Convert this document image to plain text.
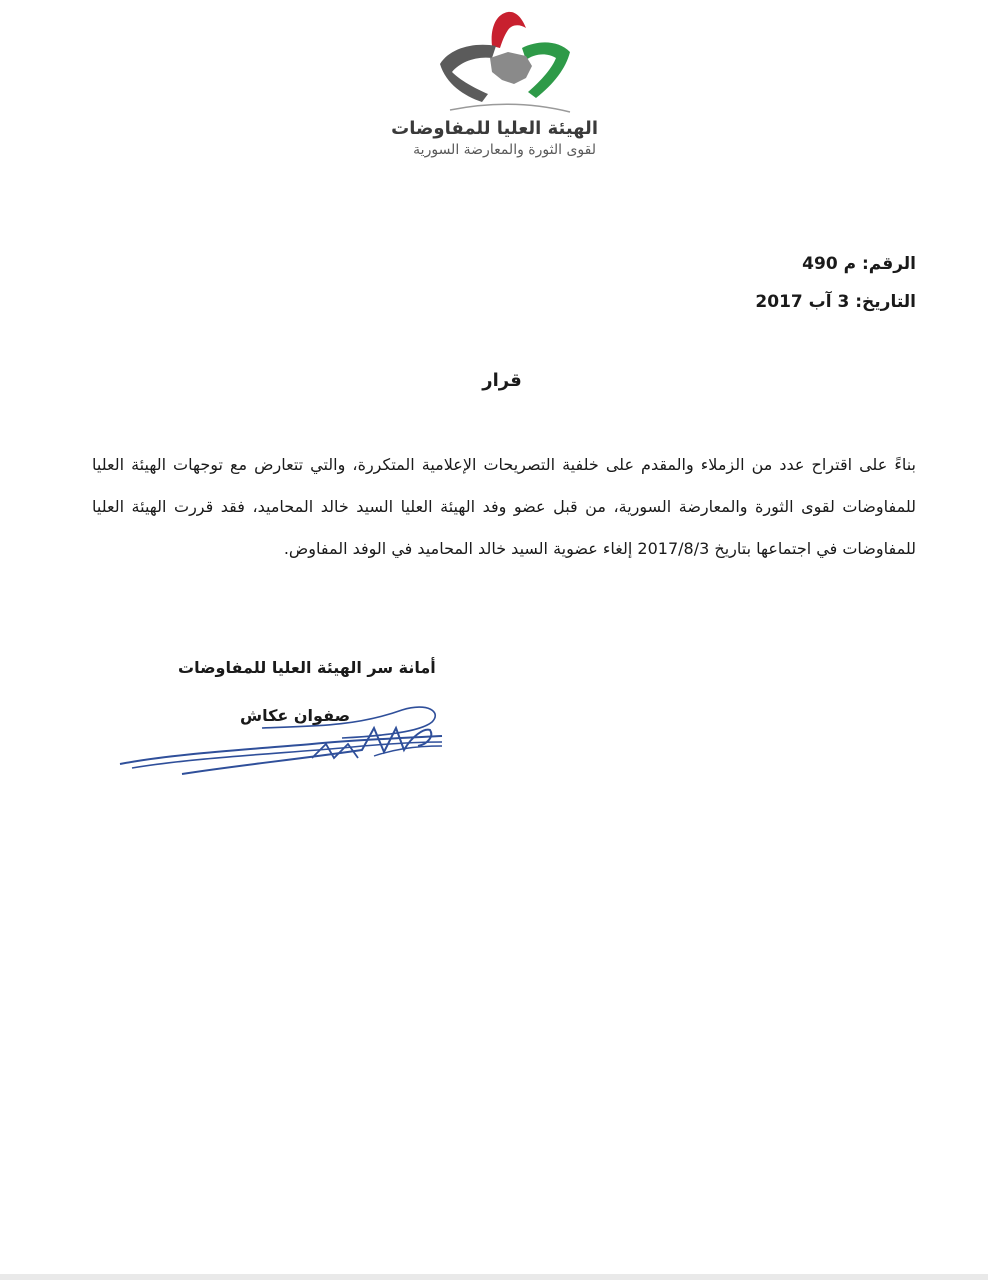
الهيئة العليا للمفاوضات
لقوى الثورة والمعارضة السورية
الرقم: م 490
التاريخ: 3 آب 2017
قرار
بناءً على اقتراح عدد من الزملاء والمقدم على خلفية التصريحات الإعلامية المتكررة، والتي تتعارض مع توجهات الهيئة العليا للمفاوضات لقوى الثورة والمعارضة السورية، من قبل عضو وفد الهيئة العليا السيد خالد المحاميد، فقد قررت الهيئة العليا للمفاوضات في اجتماعها بتاريخ 2017/8/3 إلغاء عضوية السيد خالد المحاميد في الوفد المفاوض.
أمانة سر الهيئة العليا للمفاوضات
صفوان عكاش
